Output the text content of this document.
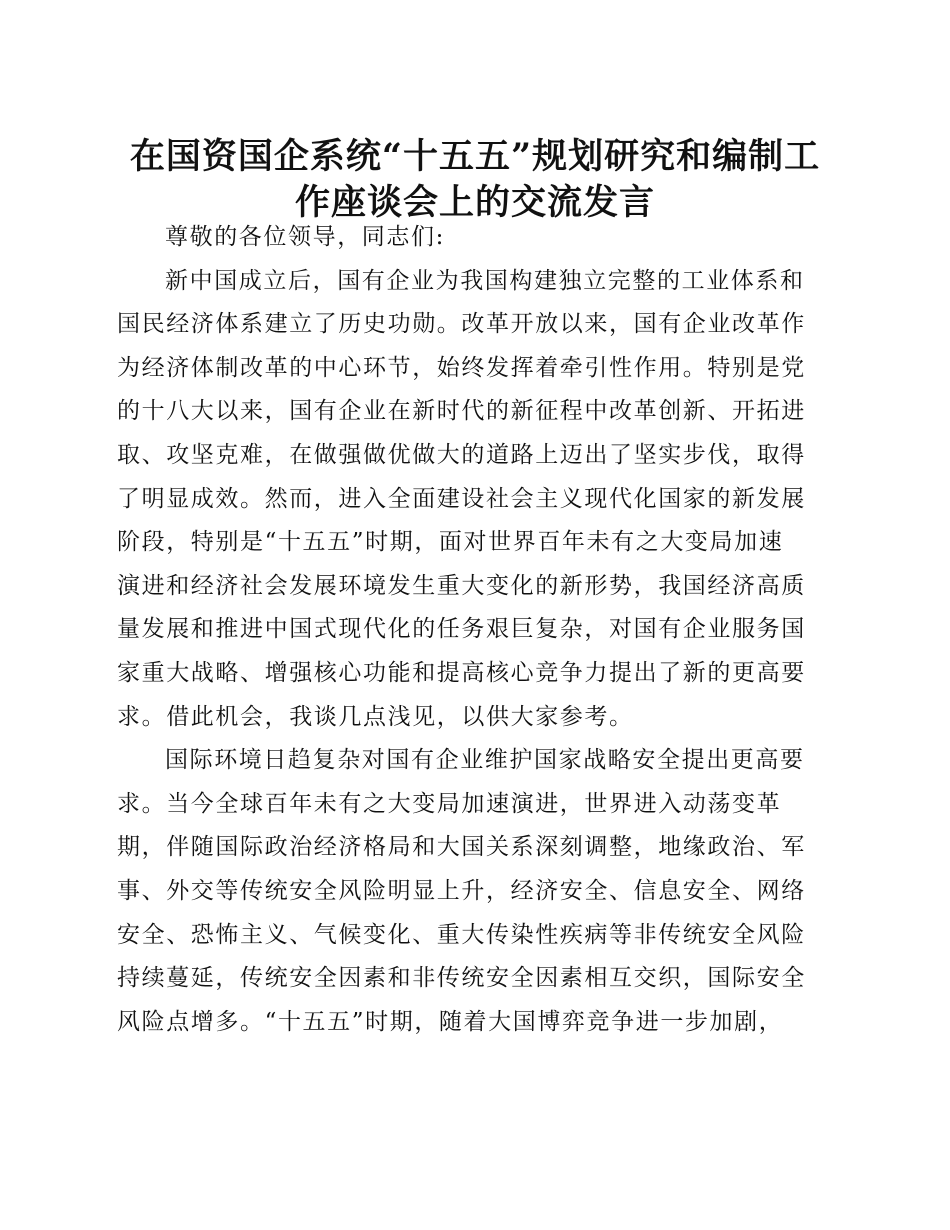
在国资国企系统“十五五”规划研究和编制工
作座谈会上的交流发言
尊敬的各位领导，同志们:
新中国成立后，国有企业为我国构建独立完整的工业体系和
国民经济体系建立了历史功勋。改革开放以来，国有企业改革作
为经济体制改革的中心环节，始终发挥着牵引性作用。特别是党
的十八大以来，国有企业在新时代的新征程中改革创新、开拓进
取、攻坚克难，在做强做优做大的道路上迈出了坚实步伐，取得
了明显成效。然而，进入全面建设社会主义现代化国家的新发展
阶段，特别是“十五五”时期，面对世界百年未有之大变局加速
演进和经济社会发展环境发生重大变化的新形势，我国经济高质
量发展和推进中国式现代化的任务艰巨复杂，对国有企业服务国
家重大战略、增强核心功能和提高核心竞争力提出了新的更高要
求。借此机会，我谈几点浅见，以供大家参考。
国际环境日趋复杂对国有企业维护国家战略安全提出更高要
求。当今全球百年未有之大变局加速演进，世界进入动荡变革
期，伴随国际政治经济格局和大国关系深刻调整，地缘政治、军
事、外交等传统安全风险明显上升，经济安全、信息安全、网络
安全、恐怖主义、气候变化、重大传染性疾病等非传统安全风险
持续蔓延，传统安全因素和非传统安全因素相互交织，国际安全
风险点增多。“十五五”时期，随着大国博弈竞争进一步加剧，
